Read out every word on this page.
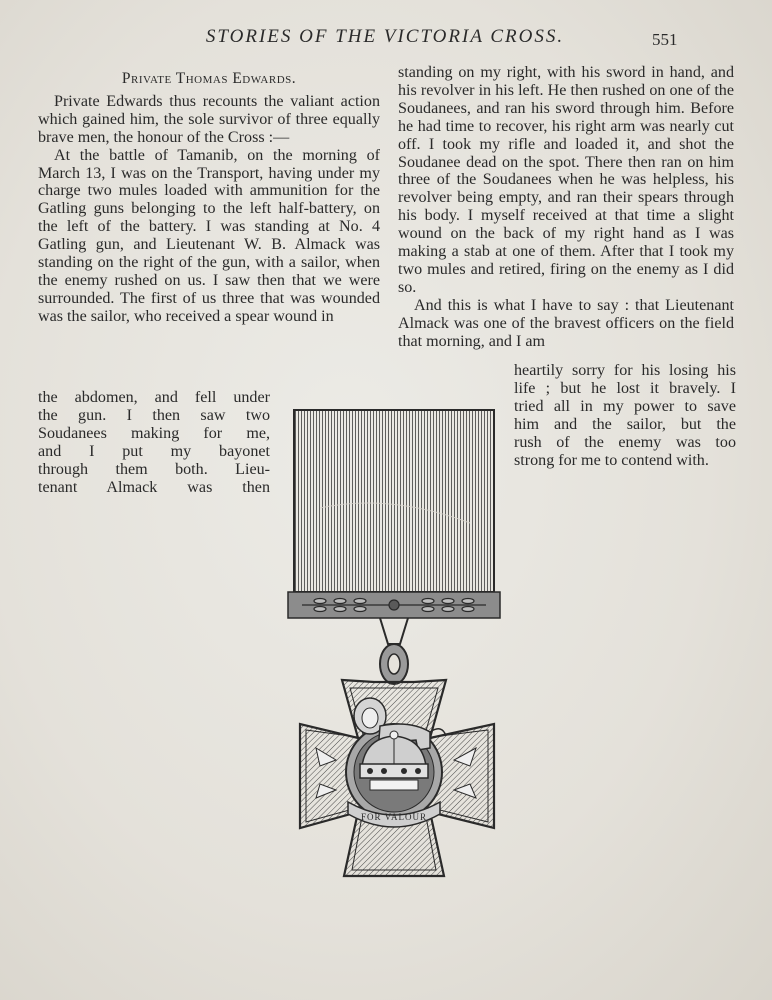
STORIES OF THE VICTORIA CROSS.	551
Private Thomas Edwards.

Private Edwards thus recounts the valiant action which gained him, the sole survivor of three equally brave men, the honour of the Cross :—

At the battle of Tamanib, on the morning of March 13, I was on the Transport, having under my charge two mules loaded with ammunition for the Gatling guns belonging to the left half-battery, on the left of the battery. I was standing at No. 4 Gatling gun, and Lieutenant W. B. Almack was standing on the right of the gun, with a sailor, when the enemy rushed on us. I saw then that we were surrounded. The first of us three that was wounded was the sailor, who received a spear wound in

the abdomen, and fell under
the gun. I then saw two
Soudanees making for me,
and I put my bayonet
through them both. Lieu-
tenant Almack was then

standing on my right, with his sword in hand, and his revolver in his left. He then rushed on one of the Soudanees, and ran his sword through him. Before he had time to recover, his right arm was nearly cut off. I took my rifle and loaded it, and shot the Soudanee dead on the spot. There then ran on him three of the Soudanees when he was helpless, his revolver being empty, and ran their spears through his body. I myself received at that time a slight wound on the back of my right hand as I was making a stab at one of them. After that I took my two mules and retired, firing on the enemy as I did so.

And this is what I have to say : that Lieutenant Almack was one of the bravest officers on the field that morning, and I am

heartily sorry for his losing his
life ; but he lost it bravely. I
tried all in my power to save
him and the sailor, but the
rush of the enemy was too
strong for me to contend with.
FOR VALOUR
